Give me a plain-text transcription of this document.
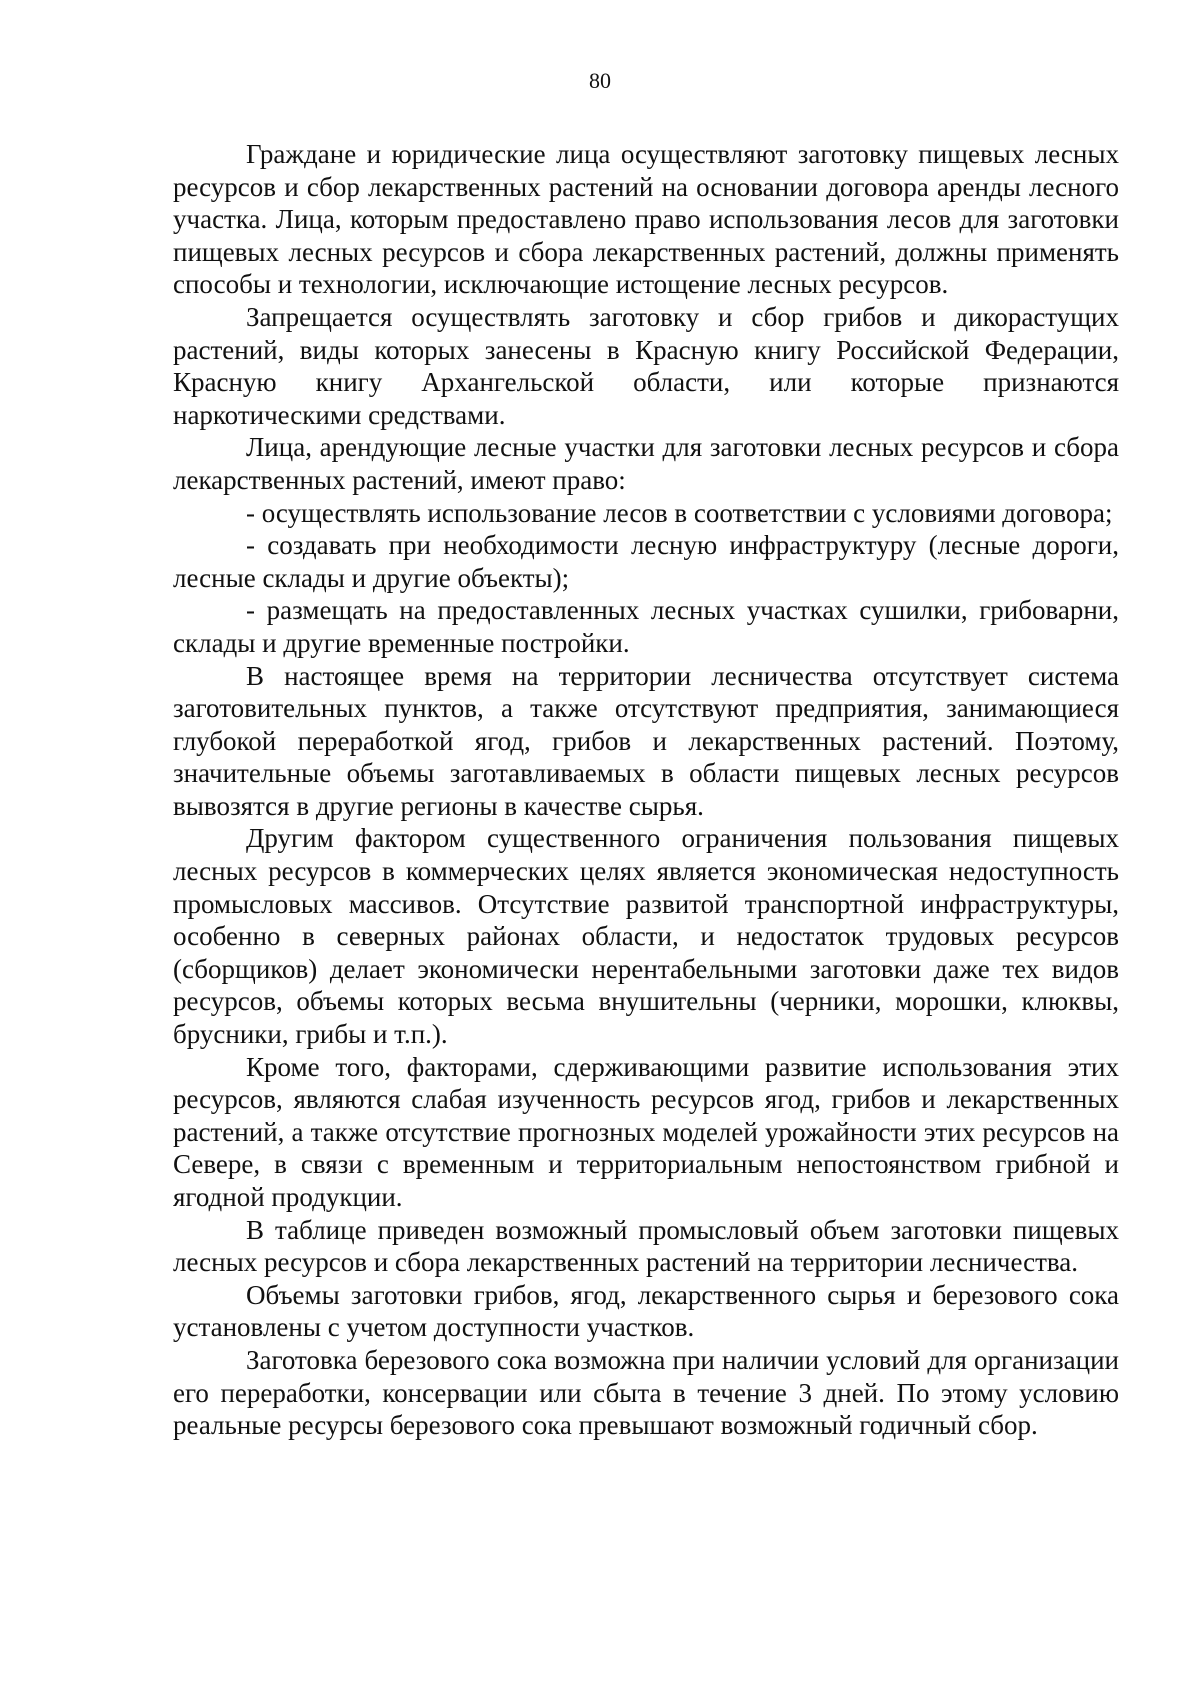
80

Граждане и юридические лица осуществляют заготовку пищевых лесных ресурсов и сбор лекарственных растений на основании договора аренды лесного участка. Лица, которым предоставлено право использования лесов для заготовки пищевых лесных ресурсов и сбора лекарственных растений, должны применять способы и технологии, исключающие истощение лесных ресурсов.

Запрещается осуществлять заготовку и сбор грибов и дикорастущих растений, виды которых занесены в Красную книгу Российской Федерации, Красную книгу Архангельской области, или которые признаются наркотическими средствами.

Лица, арендующие лесные участки для заготовки лесных ресурсов и сбора лекарственных растений, имеют право:

- осуществлять использование лесов в соответствии с условиями договора;

- создавать при необходимости лесную инфраструктуру (лесные дороги, лесные склады и другие объекты);

- размещать на предоставленных лесных участках сушилки, грибоварни, склады и другие временные постройки.

В настоящее время на территории лесничества отсутствует система заготовительных пунктов, а также отсутствуют предприятия, занимающиеся глубокой переработкой ягод, грибов и лекарственных растений. Поэтому, значительные объемы заготавливаемых в области пищевых лесных ресурсов вывозятся в другие регионы в качестве сырья.

Другим фактором существенного ограничения пользования пищевых лесных ресурсов в коммерческих целях является экономическая недоступность промысловых массивов. Отсутствие развитой транспортной инфраструктуры, особенно в северных районах области, и недостаток трудовых ресурсов (сборщиков) делает экономически нерентабельными заготовки даже тех видов ресурсов, объемы которых весьма внушительны (черники, морошки, клюквы, брусники, грибы и т.п.).

Кроме того, факторами, сдерживающими развитие использования этих ресурсов, являются слабая изученность ресурсов ягод, грибов и лекарственных растений, а также отсутствие прогнозных моделей урожайности этих ресурсов на Севере, в связи с временным и территориальным непостоянством грибной и ягодной продукции.

В таблице приведен возможный промысловый объем заготовки пищевых лесных ресурсов и сбора лекарственных растений на территории лесничества.

Объемы заготовки грибов, ягод, лекарственного сырья и березового сока установлены с учетом доступности участков.

Заготовка березового сока возможна при наличии условий для организации его переработки, консервации или сбыта в течение 3 дней. По этому условию реальные ресурсы березового сока превышают возможный годичный сбор.
